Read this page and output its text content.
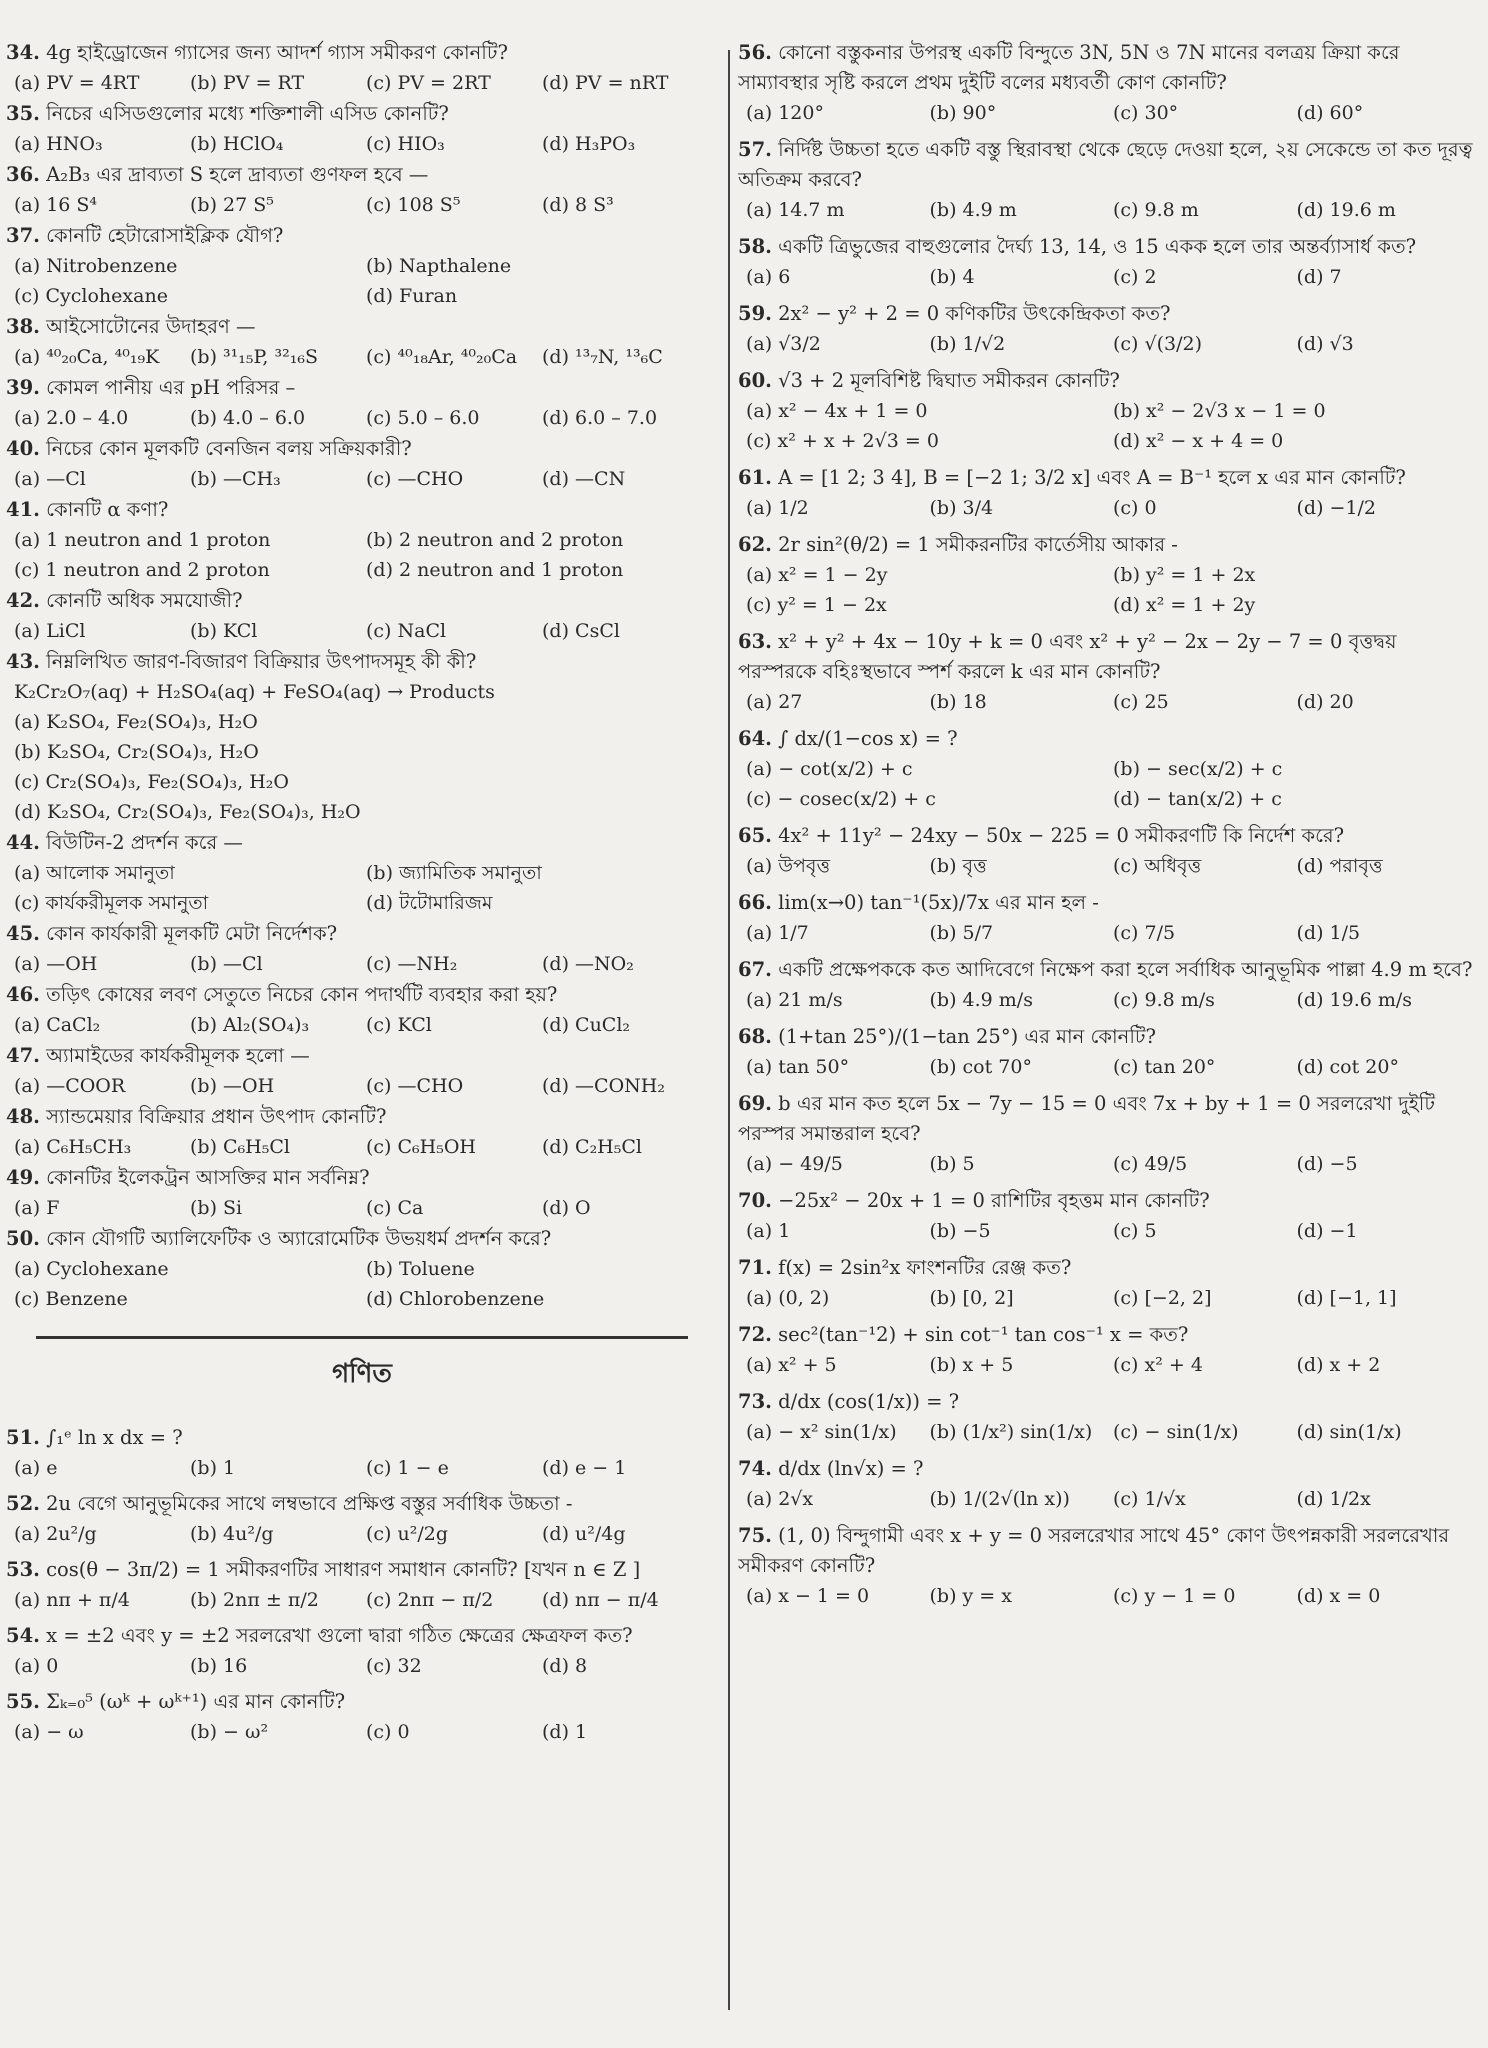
34. 4g হাইড্রোজেন গ্যাসের জন্য আদর্শ গ্যাস সমীকরণ কোনটি?
(a) PV = 4RT	(b) PV = RT	(c) PV = 2RT	(d) PV = nRT
35. নিচের এসিডগুলোর মধ্যে শক্তিশালী এসিড কোনটি?
(a) HNO₃	(b) HClO₄	(c) HIO₃	(d) H₃PO₃
36. A₂B₃ এর দ্রাব্যতা S হলে দ্রাব্যতা গুণফল হবে —
(a) 16 S⁴	(b) 27 S⁵	(c) 108 S⁵	(d) 8 S³
37. কোনটি হেটারোসাইক্লিক যৌগ?
(a) Nitrobenzene	(b) Napthalene
(c) Cyclohexane	(d) Furan
38. আইসোটোনের উদাহরণ —
(a) ⁴⁰₂₀Ca, ⁴⁰₁₉K	(b) ³¹₁₅P, ³²₁₆S	(c) ⁴⁰₁₈Ar, ⁴⁰₂₀Ca	(d) ¹³₇N, ¹³₆C
39. কোমল পানীয় এর pH পরিসর –
(a) 2.0 – 4.0	(b) 4.0 – 6.0	(c) 5.0 – 6.0	(d) 6.0 – 7.0
40. নিচের কোন মূলকটি বেনজিন বলয় সক্রিয়কারী?
(a) —Cl	(b) —CH₃	(c) —CHO	(d) —CN
41. কোনটি α কণা?
(a) 1 neutron and 1 proton	(b) 2 neutron and 2 proton
(c) 1 neutron and 2 proton	(d) 2 neutron and 1 proton
42. কোনটি অধিক সমযোজী?
(a) LiCl	(b) KCl	(c) NaCl	(d) CsCl
43. নিম্নলিখিত জারণ-বিজারণ বিক্রিয়ার উৎপাদসমূহ কী কী?
K₂Cr₂O₇(aq) + H₂SO₄(aq) + FeSO₄(aq) → Products
(a) K₂SO₄, Fe₂(SO₄)₃, H₂O
(b) K₂SO₄, Cr₂(SO₄)₃, H₂O
(c) Cr₂(SO₄)₃, Fe₂(SO₄)₃, H₂O
(d) K₂SO₄, Cr₂(SO₄)₃, Fe₂(SO₄)₃, H₂O
44. বিউটিন-2 প্রদর্শন করে —
(a) আলোক সমানুতা	(b) জ্যামিতিক সমানুতা
(c) কার্যকরীমূলক সমানুতা	(d) টটোমারিজম
45. কোন কার্যকারী মূলকটি মেটা নির্দেশক?
(a) —OH	(b) —Cl	(c) —NH₂	(d) —NO₂
46. তড়িৎ কোষের লবণ সেতুতে নিচের কোন পদার্থটি ব্যবহার করা হয়?
(a) CaCl₂	(b) Al₂(SO₄)₃	(c) KCl	(d) CuCl₂
47. অ্যামাইডের কার্যকরীমূলক হলো —
(a) —COOR	(b) —OH	(c) —CHO	(d) —CONH₂
48. স্যান্ডমেয়ার বিক্রিয়ার প্রধান উৎপাদ কোনটি?
(a) C₆H₅CH₃	(b) C₆H₅Cl	(c) C₆H₅OH	(d) C₂H₅Cl
49. কোনটির ইলেকট্রন আসক্তির মান সর্বনিম্ন?
(a) F	(b) Si	(c) Ca	(d) O
50. কোন যৌগটি অ্যালিফেটিক ও অ্যারোমেটিক উভয়ধর্ম প্রদর্শন করে?
(a) Cyclohexane	(b) Toluene
(c) Benzene	(d) Chlorobenzene
গণিত
51. ∫₁ᵉ ln x dx = ?
(a) e	(b) 1	(c) 1 − e	(d) e − 1
52. 2u বেগে আনুভূমিকের সাথে লম্বভাবে প্রক্ষিপ্ত বস্তুর সর্বাধিক উচ্চতা -
(a) 2u²/g	(b) 4u²/g	(c) u²/2g	(d) u²/4g
53. cos(θ − 3π/2) = 1 সমীকরণটির সাধারণ সমাধান কোনটি? [যখন n ∈ Z ]
(a) nπ + π/4	(b) 2nπ ± π/2	(c) 2nπ − π/2	(d) nπ − π/4
54. x = ±2 এবং y = ±2 সরলরেখা গুলো দ্বারা গঠিত ক্ষেত্রের ক্ষেত্রফল কত?
(a) 0	(b) 16	(c) 32	(d) 8
55. Σₖ₌₀⁵ (ωᵏ + ωᵏ⁺¹) এর মান কোনটি?
(a) − ω	(b) − ω²	(c) 0	(d) 1
56. কোনো বস্তুকনার উপরস্থ একটি বিন্দুতে 3N, 5N ও 7N মানের বলত্রয় ক্রিয়া করে সাম্যাবস্থার সৃষ্টি করলে প্রথম দুইটি বলের মধ্যবর্তী কোণ কোনটি?
(a) 120°	(b) 90°	(c) 30°	(d) 60°
57. নির্দিষ্ট উচ্চতা হতে একটি বস্তু স্থিরাবস্থা থেকে ছেড়ে দেওয়া হলে, ২য় সেকেন্ডে তা কত দূরত্ব অতিক্রম করবে?
(a) 14.7 m	(b) 4.9 m	(c) 9.8 m	(d) 19.6 m
58. একটি ত্রিভুজের বাহুগুলোর দৈর্ঘ্য 13, 14, ও 15 একক হলে তার অন্তর্ব্যাসার্ধ কত?
(a) 6	(b) 4	(c) 2	(d) 7
59. 2x² − y² + 2 = 0 কণিকটির উৎকেন্দ্রিকতা কত?
(a) √3/2	(b) 1/√2	(c) √(3/2)	(d) √3
60. √3 + 2 মূলবিশিষ্ট দ্বিঘাত সমীকরন কোনটি?
(a) x² − 4x + 1 = 0	(b) x² − 2√3 x − 1 = 0
(c) x² + x + 2√3 = 0	(d) x² − x + 4 = 0
61. A = [1 2; 3 4], B = [−2 1; 3/2 x] এবং A = B⁻¹ হলে x এর মান কোনটি?
(a) 1/2	(b) 3/4	(c) 0	(d) −1/2
62. 2r sin²(θ/2) = 1 সমীকরনটির কার্তেসীয় আকার -
(a) x² = 1 − 2y	(b) y² = 1 + 2x
(c) y² = 1 − 2x	(d) x² = 1 + 2y
63. x² + y² + 4x − 10y + k = 0 এবং x² + y² − 2x − 2y − 7 = 0 বৃত্তদ্বয় পরস্পরকে বহিঃস্থভাবে স্পর্শ করলে k এর মান কোনটি?
(a) 27	(b) 18	(c) 25	(d) 20
64. ∫ dx/(1−cos x) = ?
(a) − cot(x/2) + c	(b) − sec(x/2) + c
(c) − cosec(x/2) + c	(d) − tan(x/2) + c
65. 4x² + 11y² − 24xy − 50x − 225 = 0 সমীকরণটি কি নির্দেশ করে?
(a) উপবৃত্ত	(b) বৃত্ত	(c) অধিবৃত্ত	(d) পরাবৃত্ত
66. lim(x→0) tan⁻¹(5x)/7x এর মান হল -
(a) 1/7	(b) 5/7	(c) 7/5	(d) 1/5
67. একটি প্রক্ষেপককে কত আদিবেগে নিক্ষেপ করা হলে সর্বাধিক আনুভূমিক পাল্লা 4.9 m হবে?
(a) 21 m/s	(b) 4.9 m/s	(c) 9.8 m/s	(d) 19.6 m/s
68. (1+tan 25°)/(1−tan 25°) এর মান কোনটি?
(a) tan 50°	(b) cot 70°	(c) tan 20°	(d) cot 20°
69. b এর মান কত হলে 5x − 7y − 15 = 0 এবং 7x + by + 1 = 0 সরলরেখা দুইটি পরস্পর সমান্তরাল হবে?
(a) − 49/5	(b) 5	(c) 49/5	(d) −5
70. −25x² − 20x + 1 = 0 রাশিটির বৃহত্তম মান কোনটি?
(a) 1	(b) −5	(c) 5	(d) −1
71. f(x) = 2sin²x ফাংশনটির রেঞ্জ কত?
(a) (0, 2)	(b) [0, 2]	(c) [−2, 2]	(d) [−1, 1]
72. sec²(tan⁻¹2) + sin cot⁻¹ tan cos⁻¹ x = কত?
(a) x² + 5	(b) x + 5	(c) x² + 4	(d) x + 2
73. d/dx (cos(1/x)) = ?
(a) − x² sin(1/x)	(b) (1/x²) sin(1/x)	(c) − sin(1/x)	(d) sin(1/x)
74. d/dx (ln√x) = ?
(a) 2√x	(b) 1/(2√(ln x))	(c) 1/√x	(d) 1/2x
75. (1, 0) বিন্দুগামী এবং x + y = 0 সরলরেখার সাথে 45° কোণ উৎপন্নকারী সরলরেখার সমীকরণ কোনটি?
(a) x − 1 = 0	(b) y = x	(c) y − 1 = 0	(d) x = 0
